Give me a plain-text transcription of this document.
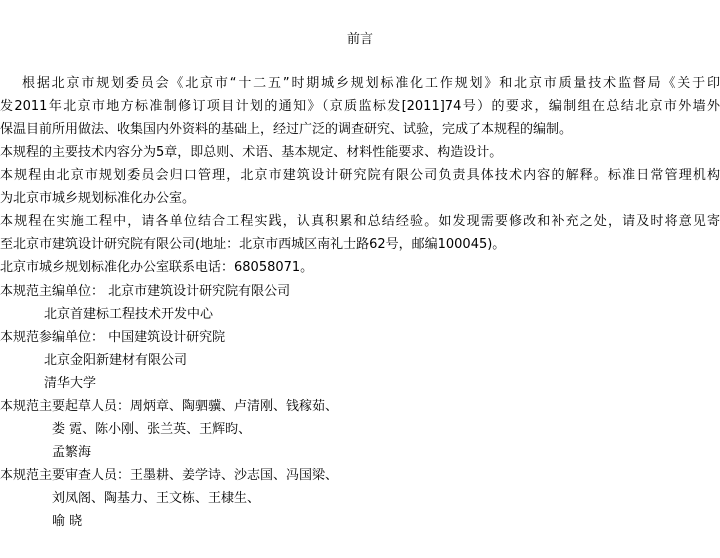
前言
根据北京市规划委员会《北京市“十二五”时期城乡规划标准化工作规划》和北京市质量技术监督局《关于印
发2011年北京市地方标准制修订项目计划的通知》（京质监标发[2011]74号）的要求，编制组在总结北京市外墙外
保温目前所用做法、收集国内外资料的基础上，经过广泛的调查研究、试验，完成了本规程的编制。
本规程的主要技术内容分为5章，即总则、术语、基本规定、材料性能要求、构造设计。
本规程由北京市规划委员会归口管理，北京市建筑设计研究院有限公司负责具体技术内容的解释。标准日常管理机构
为北京市城乡规划标准化办公室。
本规程在实施工程中，请各单位结合工程实践，认真积累和总结经验。如发现需要修改和补充之处，请及时将意见寄
至北京市建筑设计研究院有限公司(地址：北京市西城区南礼士路62号，邮编100045)。
北京市城乡规划标准化办公室联系电话：68058071。
本规范主编单位： 北京市建筑设计研究院有限公司
北京首建标工程技术开发中心
本规范参编单位： 中国建筑设计研究院
北京金阳新建材有限公司
清华大学
本规范主要起草人员：周炳章、陶驷骥、卢清刚、钱稼茹、
娄 霓、陈小刚、张兰英、王辉昀、
孟繁海
本规范主要审查人员：王墨耕、姜学诗、沙志国、冯国梁、
刘凤阁、陶基力、王文栋、王棣生、
喻 晓
